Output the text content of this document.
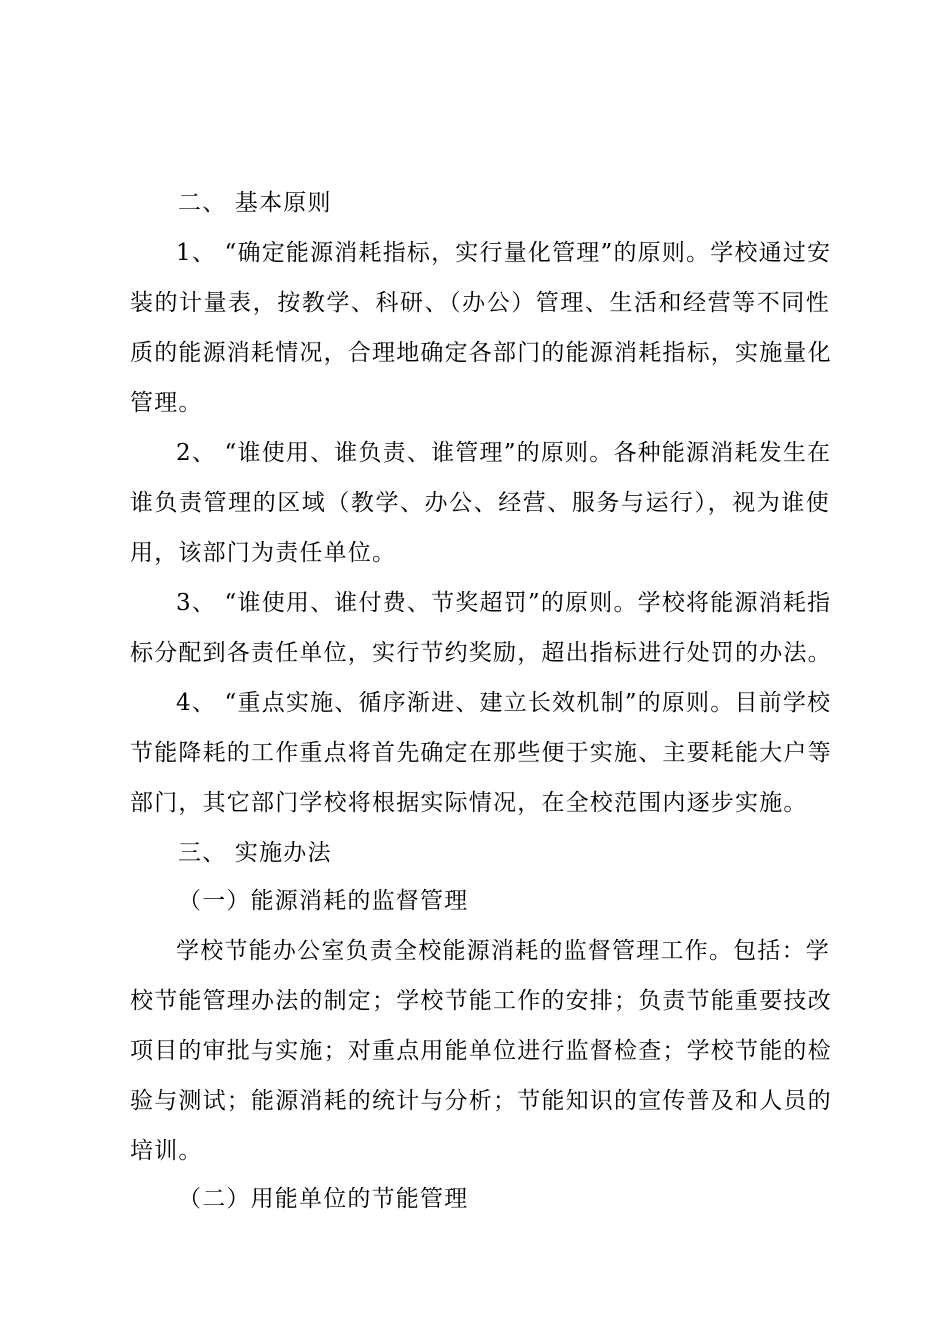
二、 基本原则
1、 “确定能源消耗指标，实行量化管理”的原则。学校通过安
装的计量表，按教学、科研、（办公）管理、生活和经营等不同性
质的能源消耗情况，合理地确定各部门的能源消耗指标，实施量化
管理。
2、 “谁使用、谁负责、谁管理”的原则。各种能源消耗发生在
谁负责管理的区域（教学、办公、经营、服务与运行），视为谁使
用，该部门为责任单位。
3、 “谁使用、谁付费、节奖超罚”的原则。学校将能源消耗指
标分配到各责任单位，实行节约奖励，超出指标进行处罚的办法。
4、 “重点实施、循序渐进、建立长效机制”的原则。目前学校
节能降耗的工作重点将首先确定在那些便于实施、主要耗能大户等
部门，其它部门学校将根据实际情况，在全校范围内逐步实施。
三、 实施办法
（一）能源消耗的监督管理
学校节能办公室负责全校能源消耗的监督管理工作。包括：学
校节能管理办法的制定；学校节能工作的安排；负责节能重要技改
项目的审批与实施；对重点用能单位进行监督检查；学校节能的检
验与测试；能源消耗的统计与分析；节能知识的宣传普及和人员的
培训。
（二）用能单位的节能管理
